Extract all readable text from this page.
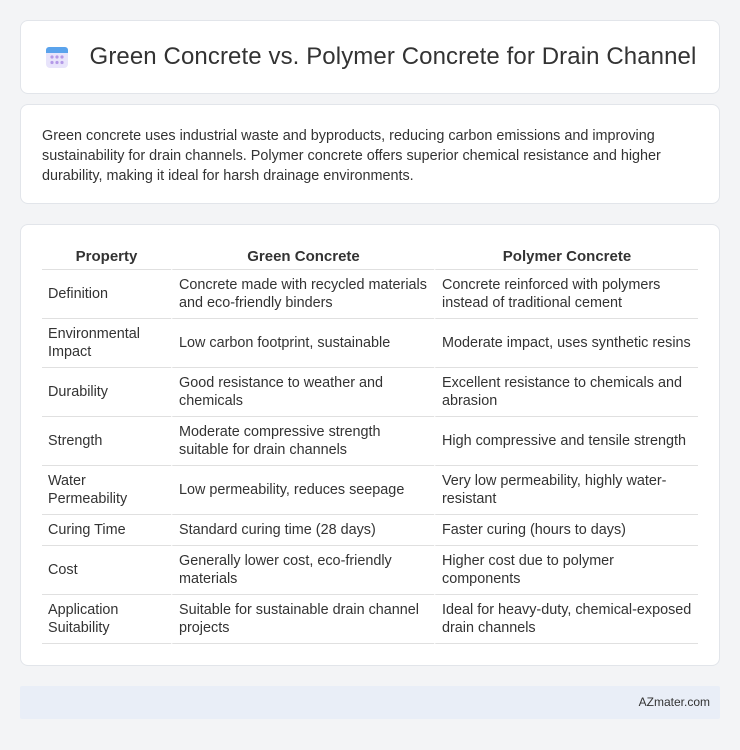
Green Concrete vs. Polymer Concrete for Drain Channel

Green concrete uses industrial waste and byproducts, reducing carbon emissions and improving sustainability for drain channels. Polymer concrete offers superior chemical resistance and higher durability, making it ideal for harsh drainage environments.

Property	Green Concrete	Polymer Concrete
Definition	Concrete made with recycled materials and eco-friendly binders	Concrete reinforced with polymers instead of traditional cement
Environmental Impact	Low carbon footprint, sustainable	Moderate impact, uses synthetic resins
Durability	Good resistance to weather and chemicals	Excellent resistance to chemicals and abrasion
Strength	Moderate compressive strength suitable for drain channels	High compressive and tensile strength
Water Permeability	Low permeability, reduces seepage	Very low permeability, highly water-resistant
Curing Time	Standard curing time (28 days)	Faster curing (hours to days)
Cost	Generally lower cost, eco-friendly materials	Higher cost due to polymer components
Application Suitability	Suitable for sustainable drain channel projects	Ideal for heavy-duty, chemical-exposed drain channels
AZmater.com
